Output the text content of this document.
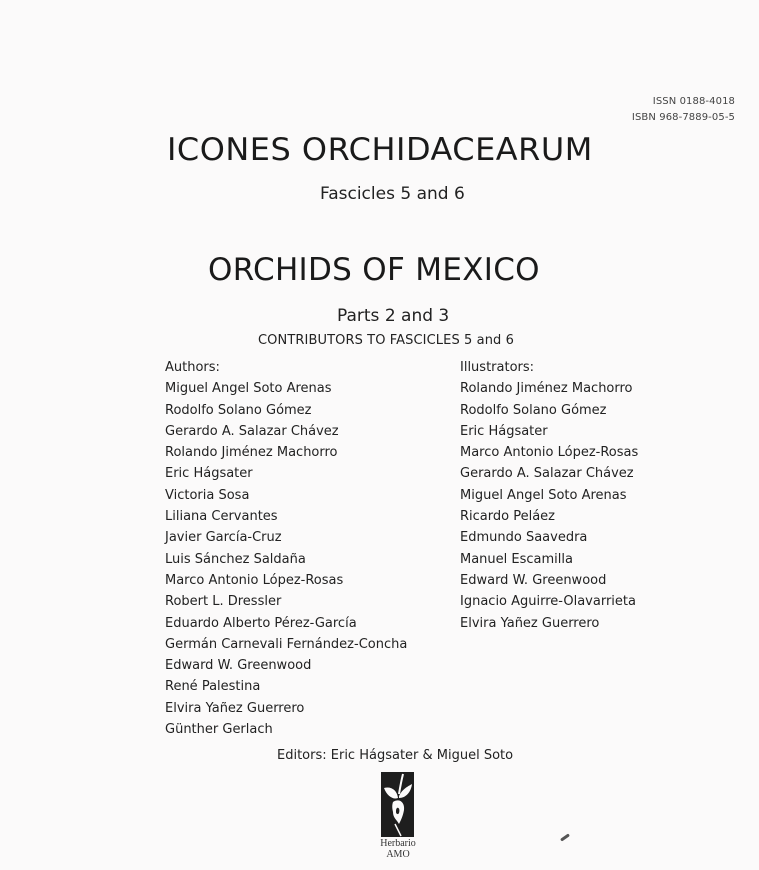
ISSN 0188-4018
ISBN 968-7889-05-5
ICONES ORCHIDACEARUM
Fascicles 5 and 6
ORCHIDS OF MEXICO
Parts 2 and 3
CONTRIBUTORS TO FASCICLES 5 and 6
Authors:
Miguel Angel Soto Arenas
Rodolfo Solano Gómez
Gerardo A. Salazar Chávez
Rolando Jiménez Machorro
Eric Hágsater
Victoria Sosa
Liliana Cervantes
Javier García-Cruz
Luis Sánchez Saldaña
Marco Antonio López-Rosas
Robert L. Dressler
Eduardo Alberto Pérez-García
Germán Carnevali Fernández-Concha
Edward W. Greenwood
René Palestina
Elvira Yañez Guerrero
Günther Gerlach
Illustrators:
Rolando Jiménez Machorro
Rodolfo Solano Gómez
Eric Hágsater
Marco Antonio López-Rosas
Gerardo A. Salazar Chávez
Miguel Angel Soto Arenas
Ricardo Peláez
Edmundo Saavedra
Manuel Escamilla
Edward W. Greenwood
Ignacio Aguirre-Olavarrieta
Elvira Yañez Guerrero
Editors: Eric Hágsater & Miguel Soto
Herbario
AMO
